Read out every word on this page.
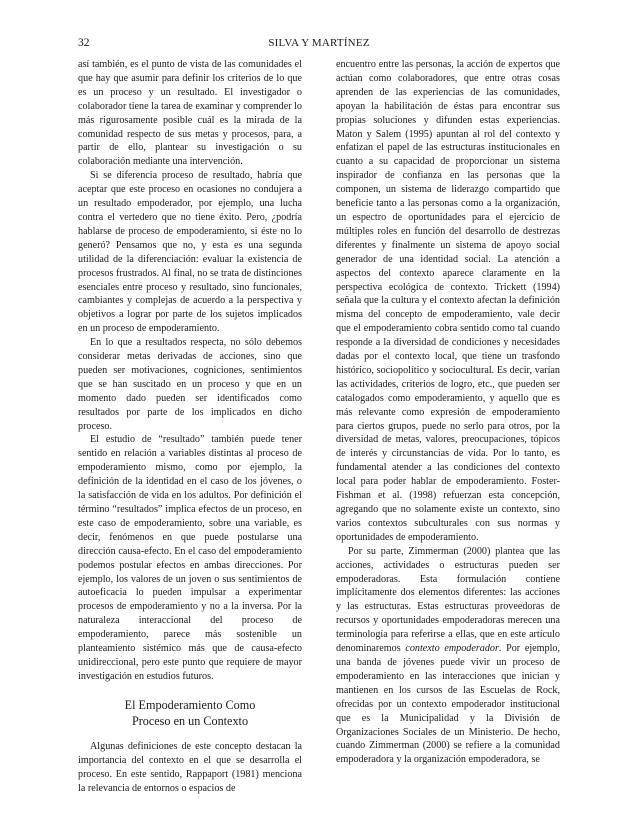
32	SILVA Y MARTÍNEZ

así también, es el punto de vista de las comunidades el que hay que asumir para definir los criterios de lo que es un proceso y un resultado. El investigador o colaborador tiene la tarea de examinar y comprender lo más rigurosamente posible cuál es la mirada de la comunidad respecto de sus metas y procesos, para, a partir de ello, plantear su investigación o su colaboración mediante una intervención.

Si se diferencia proceso de resultado, habría que aceptar que este proceso en ocasiones no condujera a un resultado empoderador, por ejemplo, una lucha contra el vertedero que no tiene éxito. Pero, ¿podría hablarse de proceso de empoderamiento, si éste no lo generó? Pensamos que no, y esta es una segunda utilidad de la diferenciación: evaluar la existencia de procesos frustrados. Al final, no se trata de distinciones esenciales entre proceso y resultado, sino funcionales, cambiantes y complejas de acuerdo a la perspectiva y objetivos a lograr por parte de los sujetos implicados en un proceso de empoderamiento.

En lo que a resultados respecta, no sólo debemos considerar metas derivadas de acciones, sino que pueden ser motivaciones, cogniciones, sentimientos que se han suscitado en un proceso y que en un momento dado pueden ser identificados como resultados por parte de los implicados en dicho proceso.

El estudio de “resultado” también puede tener sentido en relación a variables distintas al proceso de empoderamiento mismo, como por ejemplo, la definición de la identidad en el caso de los jóvenes, o la satisfacción de vida en los adultos. Por definición el término “resultados” implica efectos de un proceso, en este caso de empoderamiento, sobre una variable, es decir, fenómenos en que puede postularse una dirección causa-efecto. En el caso del empoderamiento podemos postular efectos en ambas direcciones. Por ejemplo, los valores de un joven o sus sentimientos de autoeficacia lo pueden impulsar a experimentar procesos de empoderamiento y no a la inversa. Por la naturaleza interaccional del proceso de empoderamiento, parece más sostenible un planteamiento sistémico más que de causa-efecto unidireccional, pero este punto que requiere de mayor investigación en estudios futuros.

El Empoderamiento Como
Proceso en un Contexto

Algunas definiciones de este concepto destacan la importancia del contexto en el que se desarrolla el proceso. En este sentido, Rappaport (1981) menciona la relevancia de entornos o espacios de

encuentro entre las personas, la acción de expertos que actúan como colaboradores, que entre otras cosas aprenden de las experiencias de las comunidades, apoyan la habilitación de éstas para encontrar sus propias soluciones y difunden estas experiencias. Maton y Salem (1995) apuntan al rol del contexto y enfatizan el papel de las estructuras institucionales en cuanto a su capacidad de proporcionar un sistema inspirador de confianza en las personas que la componen, un sistema de liderazgo compartido que beneficie tanto a las personas como a la organización, un espectro de oportunidades para el ejercicio de múltiples roles en función del desarrollo de destrezas diferentes y finalmente un sistema de apoyo social generador de una identidad social. La atención a aspectos del contexto aparece claramente en la perspectiva ecológica de contexto. Trickett (1994) señala que la cultura y el contexto afectan la definición misma del concepto de empoderamiento, vale decir que el empoderamiento cobra sentido como tal cuando responde a la diversidad de condiciones y necesidades dadas por el contexto local, que tiene un trasfondo histórico, sociopolítico y sociocultural. Es decir, varían las actividades, criterios de logro, etc., que pueden ser catalogados como empoderamiento, y aquello que es más relevante como expresión de empoderamiento para ciertos grupos, puede no serlo para otros, por la diversidad de metas, valores, preocupaciones, tópicos de interés y circunstancias de vida. Por lo tanto, es fundamental atender a las condiciones del contexto local para poder hablar de empoderamiento. Foster-Fishman et al. (1998) refuerzan esta concepción, agregando que no solamente existe un contexto, sino varios contextos subculturales con sus normas y oportunidades de empoderamiento.

Por su parte, Zimmerman (2000) plantea que las acciones, actividades o estructuras pueden ser empoderadoras. Esta formulación contiene implícitamente dos elementos diferentes: las acciones y las estructuras. Estas estructuras proveedoras de recursos y oportunidades empoderadoras merecen una terminología para referirse a ellas, que en este artículo denominaremos contexto empoderador. Por ejemplo, una banda de jóvenes puede vivir un proceso de empoderamiento en las interacciones que inician y mantienen en los cursos de las Escuelas de Rock, ofrecidas por un contexto empoderador institucional que es la Municipalidad y la División de Organizaciones Sociales de un Ministerio. De hecho, cuando Zimmerman (2000) se refiere a la comunidad empoderadora y la organización empoderadora, se
